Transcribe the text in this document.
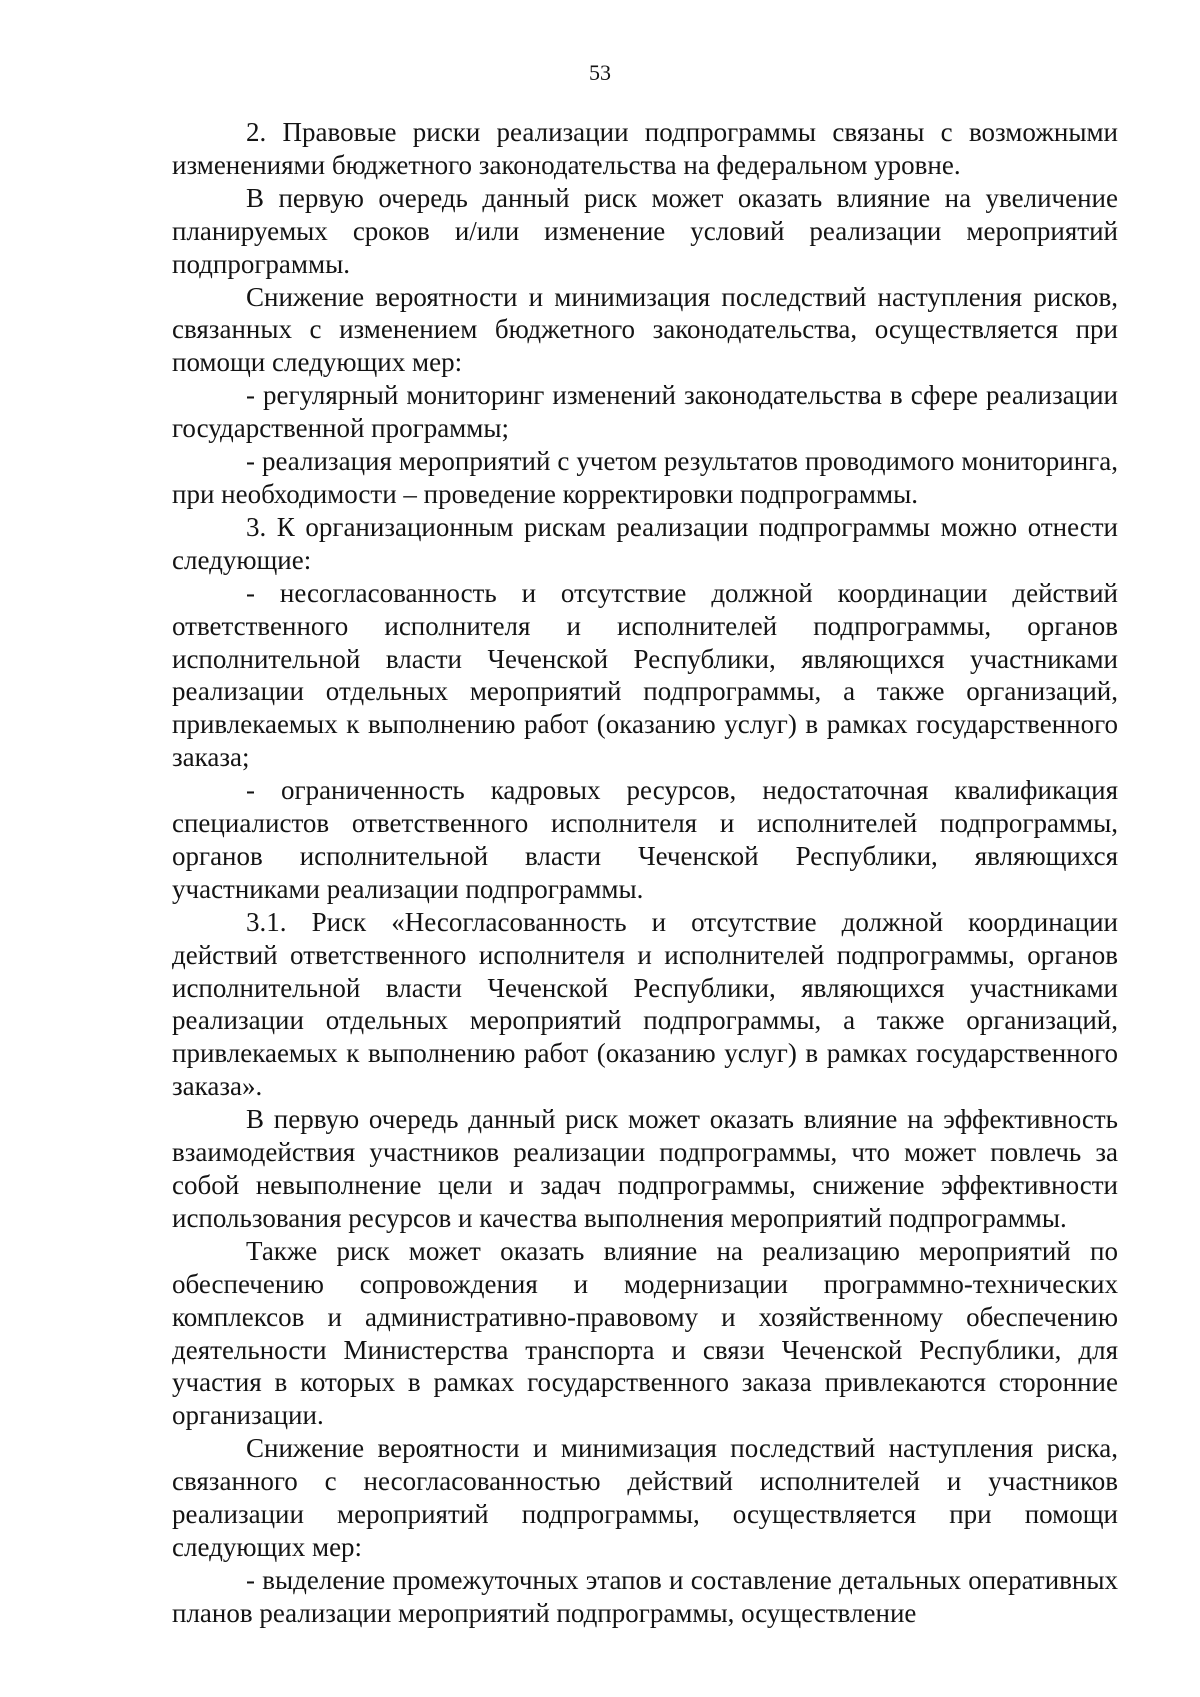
53

2. Правовые риски реализации подпрограммы связаны с возможными изменениями бюджетного законодательства на федеральном уровне.

В первую очередь данный риск может оказать влияние на увеличение планируемых сроков и/или изменение условий реализации мероприятий подпрограммы.

Снижение вероятности и минимизация последствий наступления рисков, связанных с изменением бюджетного законодательства, осуществляется при помощи следующих мер:

- регулярный мониторинг изменений законодательства в сфере реализации государственной программы;

- реализация мероприятий с учетом результатов проводимого мониторинга, при необходимости – проведение корректировки подпрограммы.

3. К организационным рискам реализации подпрограммы можно отнести следующие:

- несогласованность и отсутствие должной координации действий ответственного исполнителя и исполнителей подпрограммы, органов исполнительной власти Чеченской Республики, являющихся участниками реализации отдельных мероприятий подпрограммы, а также организаций, привлекаемых к выполнению работ (оказанию услуг) в рамках государственного заказа;

- ограниченность кадровых ресурсов, недостаточная квалификация специалистов ответственного исполнителя и исполнителей подпрограммы, органов исполнительной власти Чеченской Республики, являющихся участниками реализации подпрограммы.

3.1. Риск «Несогласованность и отсутствие должной координации действий ответственного исполнителя и исполнителей подпрограммы, органов исполнительной власти Чеченской Республики, являющихся участниками реализации отдельных мероприятий подпрограммы, а также организаций, привлекаемых к выполнению работ (оказанию услуг) в рамках государственного заказа».

В первую очередь данный риск может оказать влияние на эффективность взаимодействия участников реализации подпрограммы, что может повлечь за собой невыполнение цели и задач подпрограммы, снижение эффективности использования ресурсов и качества выполнения мероприятий подпрограммы.

Также риск может оказать влияние на реализацию мероприятий по обеспечению сопровождения и модернизации программно-технических комплексов и административно-правовому и хозяйственному обеспечению деятельности Министерства транспорта и связи Чеченской Республики, для участия в которых в рамках государственного заказа привлекаются сторонние организации.

Снижение вероятности и минимизация последствий наступления риска, связанного с несогласованностью действий исполнителей и участников реализации мероприятий подпрограммы, осуществляется при помощи следующих мер:

- выделение промежуточных этапов и составление детальных оперативных планов реализации мероприятий подпрограммы, осуществление
